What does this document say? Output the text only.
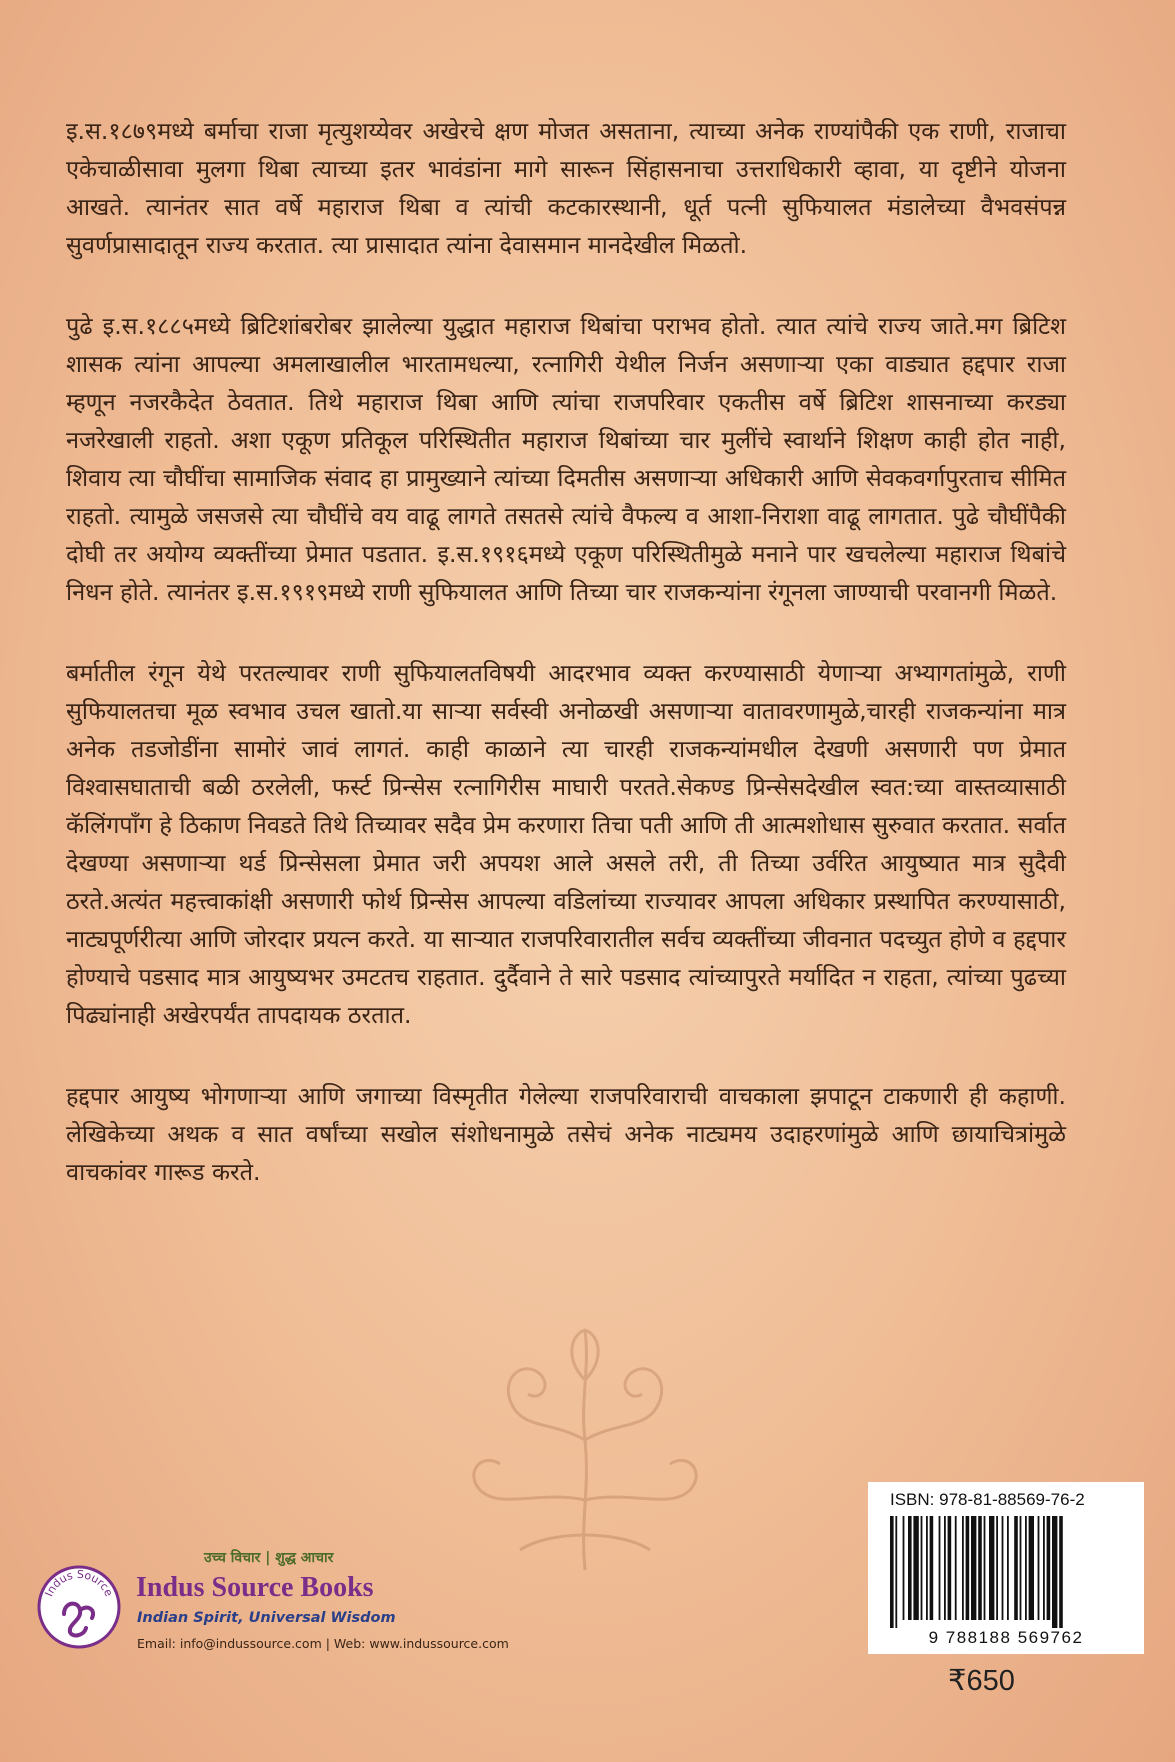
इ.स.१८७९मध्ये बर्माचा राजा मृत्युशय्येवर अखेरचे क्षण मोजत असताना, त्याच्या अनेक राण्यांपैकी एक राणी, राजाचा एकेचाळीसावा मुलगा थिबा त्याच्या इतर भावंडांना मागे सारून सिंहासनाचा उत्तराधिकारी व्हावा, या दृष्टीने योजना आखते. त्यानंतर सात वर्षे महाराज थिबा व त्यांची कटकारस्थानी, धूर्त पत्नी सुफियालत मंडालेच्या वैभवसंपन्न सुवर्णप्रासादातून राज्य करतात. त्या प्रासादात त्यांना देवासमान मानदेखील मिळतो.

पुढे इ.स.१८८५मध्ये ब्रिटिशांबरोबर झालेल्या युद्धात महाराज थिबांचा पराभव होतो. त्यात त्यांचे राज्य जाते.मग ब्रिटिश शासक त्यांना आपल्या अमलाखालील भारतामधल्या, रत्नागिरी येथील निर्जन असणाऱ्या एका वाड्यात हद्दपार राजा म्हणून नजरकैदेत ठेवतात. तिथे महाराज थिबा आणि त्यांचा राजपरिवार एकतीस वर्षे ब्रिटिश शासनाच्या करड्या नजरेखाली राहतो. अशा एकूण प्रतिकूल परिस्थितीत महाराज थिबांच्या चार मुलींचे स्वार्थाने शिक्षण काही होत नाही, शिवाय त्या चौघींचा सामाजिक संवाद हा प्रामुख्याने त्यांच्या दिमतीस असणाऱ्या अधिकारी आणि सेवकवर्गापुरताच सीमित राहतो. त्यामुळे जसजसे त्या चौघींचे वय वाढू लागते तसतसे त्यांचे वैफल्य व आशा-निराशा वाढू लागतात. पुढे चौघींपैकी दोघी तर अयोग्य व्यक्तींच्या प्रेमात पडतात. इ.स.१९१६मध्ये एकूण परिस्थितीमुळे मनाने पार खचलेल्या महाराज थिबांचे निधन होते. त्यानंतर इ.स.१९१९मध्ये राणी सुफियालत आणि तिच्या चार राजकन्यांना रंगूनला जाण्याची परवानगी मिळते.

बर्मातील रंगून येथे परतल्यावर राणी सुफियालतविषयी आदरभाव व्यक्त करण्यासाठी येणाऱ्या अभ्यागतांमुळे, राणी सुफियालतचा मूळ स्वभाव उचल खातो.या साऱ्या सर्वस्वी अनोळखी असणाऱ्या वातावरणामुळे,चारही राजकन्यांना मात्र अनेक तडजोडींना सामोरं जावं लागतं. काही काळाने त्या चारही राजकन्यांमधील देखणी असणारी पण प्रेमात विश्वासघाताची बळी ठरलेली, फर्स्ट प्रिन्सेस रत्नागिरीस माघारी परतते.सेकण्ड प्रिन्सेसदेखील स्वत:च्या वास्तव्यासाठी कॅलिंगपाँग हे ठिकाण निवडते तिथे तिच्यावर सदैव प्रेम करणारा तिचा पती आणि ती आत्मशोधास सुरुवात करतात. सर्वात देखण्या असणाऱ्या थर्ड प्रिन्सेसला प्रेमात जरी अपयश आले असले तरी, ती तिच्या उर्वरित आयुष्यात मात्र सुदैवी ठरते.अत्यंत महत्त्वाकांक्षी असणारी फोर्थ प्रिन्सेस आपल्या वडिलांच्या राज्यावर आपला अधिकार प्रस्थापित करण्यासाठी, नाट्यपूर्णरीत्या आणि जोरदार प्रयत्न करते. या साऱ्यात राजपरिवारातील सर्वच व्यक्तींच्या जीवनात पदच्युत होणे व हद्दपार होण्याचे पडसाद मात्र आयुष्यभर उमटतच राहतात. दुर्दैवाने ते सारे पडसाद त्यांच्यापुरते मर्यादित न राहता, त्यांच्या पुढच्या पिढ्यांनाही अखेरपर्यंत तापदायक ठरतात.

हद्दपार आयुष्य भोगणाऱ्या आणि जगाच्या विस्मृतीत गेलेल्या राजपरिवाराची वाचकाला झपाटून टाकणारी ही कहाणी. लेखिकेच्या अथक व सात वर्षांच्या सखोल संशोधनामुळे तसेचं अनेक नाट्यमय उदाहरणांमुळे आणि छायाचित्रांमुळे वाचकांवर गारूड करते.

Indus Source
उच्च विचार | शुद्ध आचार
Indus Source Books
Indian Spirit, Universal Wisdom
Email: info@indussource.com | Web: www.indussource.com
ISBN: 978-81-88569-76-2
9 788188 569762
₹650
